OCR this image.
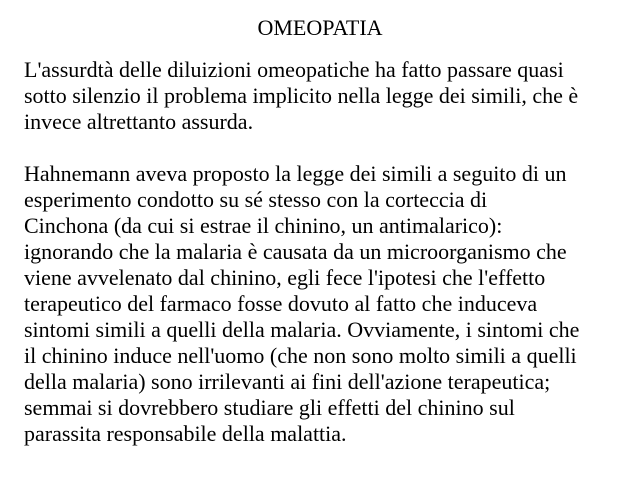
OMEOPATIA

L'assurdtà delle diluizioni omeopatiche ha fatto passare quasi
sotto silenzio il problema implicito nella legge dei simili, che è
invece altrettanto assurda.

Hahnemann aveva proposto la legge dei simili a seguito di un
esperimento condotto su sé stesso con la corteccia di
Cinchona (da cui si estrae il chinino, un antimalarico):
ignorando che la malaria è causata da un microorganismo che
viene avvelenato dal chinino, egli fece l'ipotesi che l'effetto
terapeutico del farmaco fosse dovuto al fatto che induceva
sintomi simili a quelli della malaria. Ovviamente, i sintomi che
il chinino induce nell'uomo (che non sono molto simili a quelli
della malaria) sono irrilevanti ai fini dell'azione terapeutica;
semmai si dovrebbero studiare gli effetti del chinino sul
parassita responsabile della malattia.
